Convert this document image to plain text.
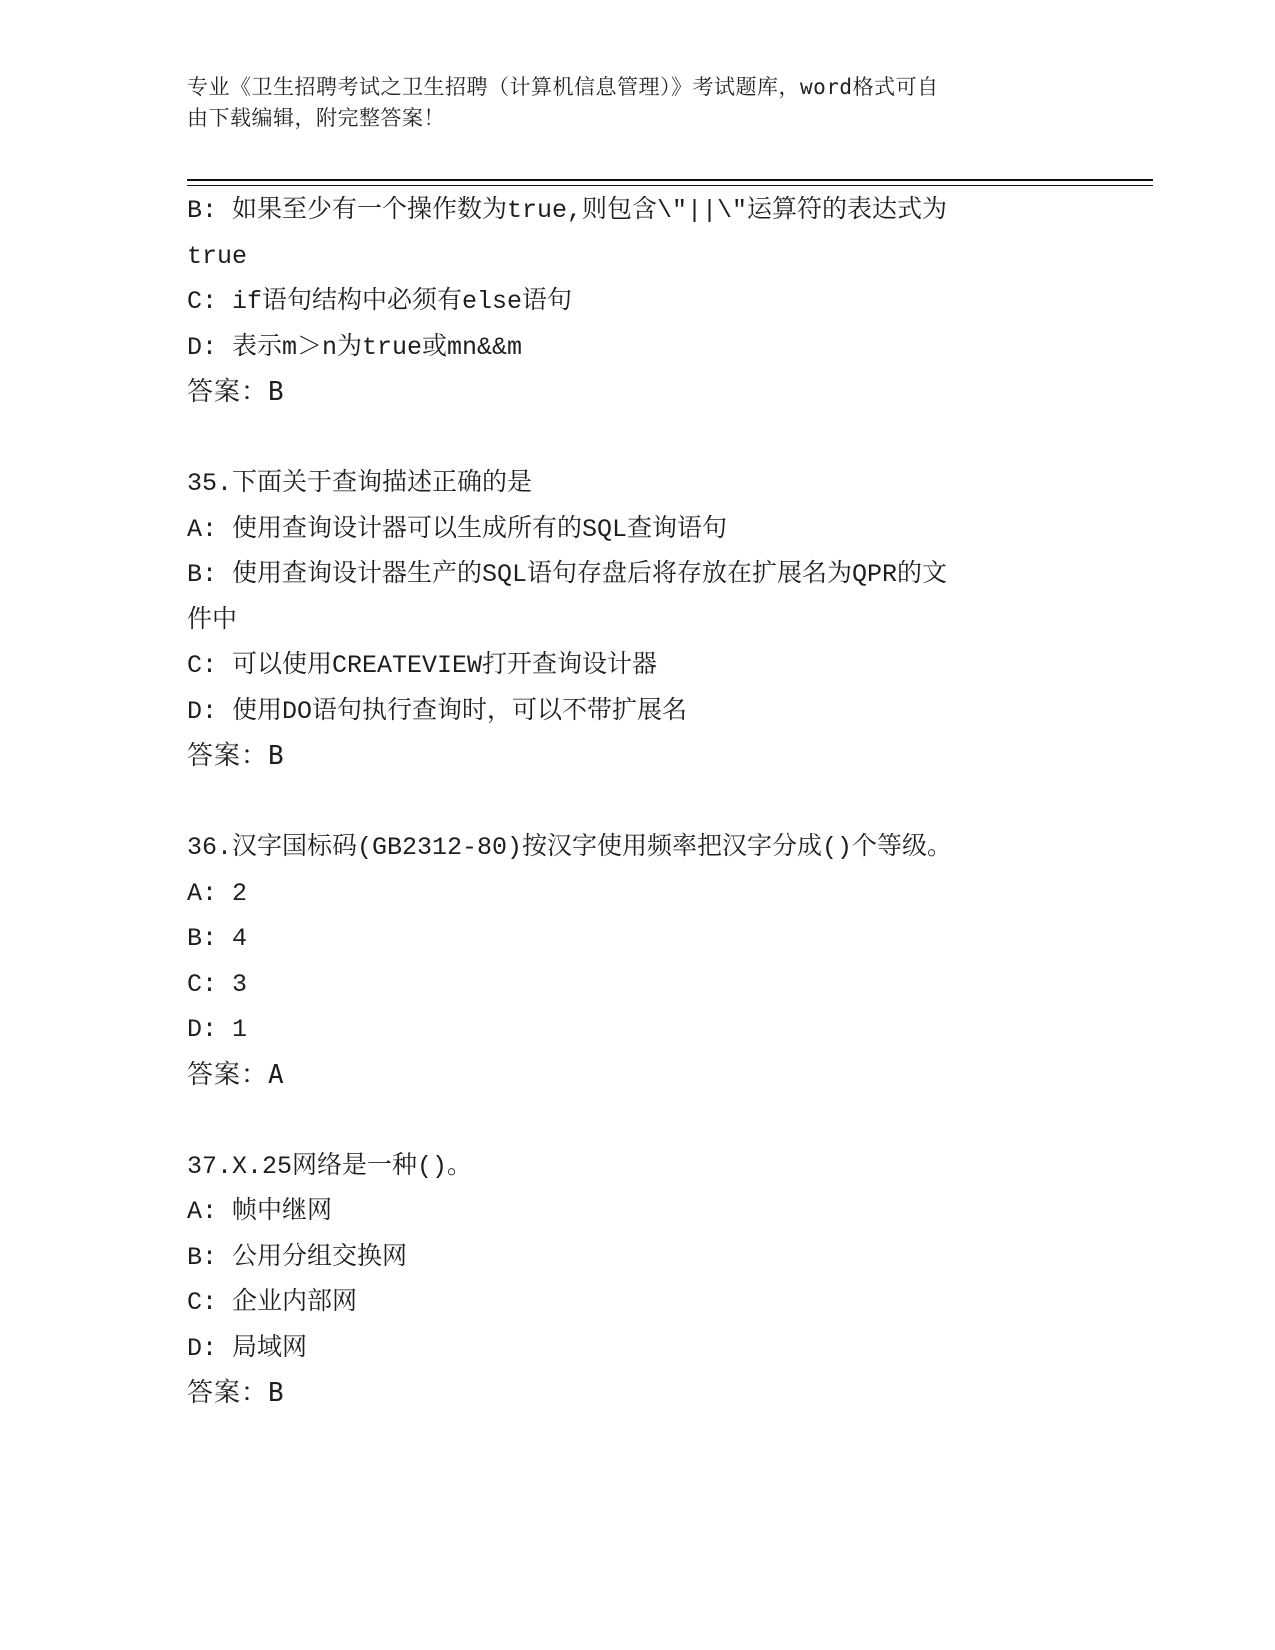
专业《卫生招聘考试之卫生招聘（计算机信息管理）》考试题库，word格式可自
由下载编辑，附完整答案！
B: 如果至少有一个操作数为true,则包含\"||\"运算符的表达式为
true
C: if语句结构中必须有else语句
D: 表示m＞n为true或mn&&m
答案：B
35.下面关于查询描述正确的是
A: 使用查询设计器可以生成所有的SQL查询语句
B: 使用查询设计器生产的SQL语句存盘后将存放在扩展名为QPR的文
件中
C: 可以使用CREATEVIEW打开查询设计器
D: 使用DO语句执行查询时，可以不带扩展名
答案：B
36.汉字国标码(GB2312-80)按汉字使用频率把汉字分成()个等级。
A: 2
B: 4
C: 3
D: 1
答案：A
37.X.25网络是一种()。
A: 帧中继网
B: 公用分组交换网
C: 企业内部网
D: 局域网
答案：B
